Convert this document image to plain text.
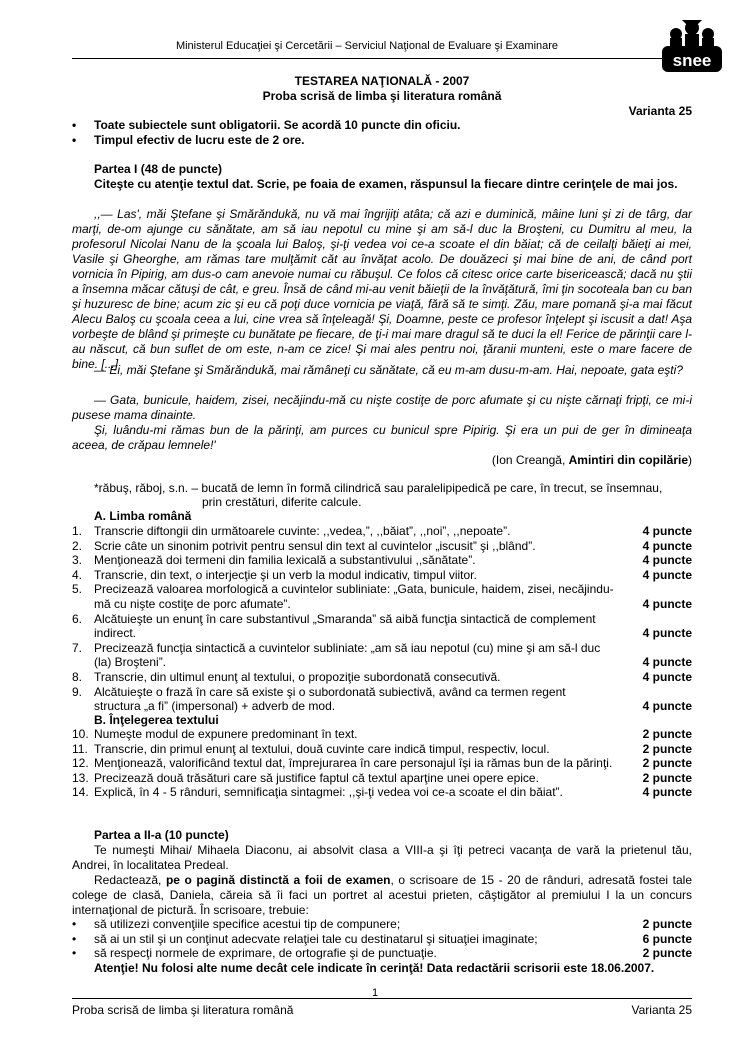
Ministerul Educaţiei şi Cercetării – Serviciul Naţional de Evaluare şi Examinare
snee
TESTAREA NAŢIONALĂ - 2007
Proba scrisă de limba şi literatura română
Varianta 25
• Toate subiectele sunt obligatorii. Se acordă 10 puncte din oficiu.
• Timpul efectiv de lucru este de 2 ore.
Partea I (48 de puncte)
Citeşte cu atenţie textul dat. Scrie, pe foaia de examen, răspunsul la fiecare dintre cerinţele de mai jos.
,,— Las', măi Ştefane şi Smărăndukă, nu vă mai îngrijiţi atâta; că azi e duminică, mâine luni şi zi de târg, dar marţi, de-om ajunge cu sănătate, am să iau nepotul cu mine şi am să-l duc la Broşteni, cu Dumitru al meu, la profesorul Nicolai Nanu de la şcoala lui Baloş, şi-ţi vedea voi ce-a scoate el din băiat; că de ceilalţi băieţi ai mei, Vasile şi Gheorghe, am rămas tare mulţămit căt au învăţat acolo. De douăzeci şi mai bine de ani, de când port vornicia în Pipirig, am dus-o cam anevoie numai cu răbuşul. Ce folos că citesc orice carte bisericească; dacă nu ştii a însemna măcar cătuşi de cât, e greu. Însă de când mi-au venit băieţii de la învăţătură, îmi ţin socoteala ban cu ban şi huzuresc de bine; acum zic şi eu că poţi duce vornicia pe viaţă, fără să te simţi. Zău, mare pomană şi-a mai făcut Alecu Baloş cu şcoala ceea a lui, cine vrea să înţeleagă! Şi, Doamne, peste ce profesor înţelept şi iscusit a dat! Aşa vorbeşte de blând şi primeşte cu bunătate pe fiecare, de ţi-i mai mare dragul să te duci la el! Ferice de părinţii care l-au născut, că bun suflet de om este, n-am ce zice! Şi mai ales pentru noi, ţăranii munteni, este o mare facere de bine. [...]
— Ei, măi Ştefane şi Smărăndukă, mai rămâneţi cu sănătate, că eu m-am dusu-m-am. Hai, nepoate, gata eşti?
— Gata, bunicule, haidem, zisei, necăjindu-mă cu nişte costiţe de porc afumate şi cu nişte cărnaţi fripţi, ce mi-i pusese mama dinainte.
Şi, luându-mi rămas bun de la părinţi, am purces cu bunicul spre Pipirig. Şi era un pui de ger în dimineaţa aceea, de crăpau lemnele!'
(Ion Creangă, Amintiri din copilărie)
*răbuş, răboj, s.n. – bucată de lemn în formă cilindrică sau paralelipipedică pe care, în trecut, se însemnau,
prin crestături, diferite calcule.
A. Limba română
1. Transcrie diftongii din următoarele cuvinte: ,,vedea,”, ,,băiat”, ,,noi”, ,,nepoate”.	4 puncte
2. Scrie câte un sinonim potrivit pentru sensul din text al cuvintelor „iscusit” şi ,,blând”.	4 puncte
3. Menţionează doi termeni din familia lexicală a substantivului ,,sănătate”.	4 puncte
4. Transcrie, din text, o interjecţie şi un verb la modul indicativ, timpul viitor.	4 puncte
5. Precizează valoarea morfologică a cuvintelor subliniate: „Gata, bunicule, haidem, zisei, necăjindu-mă cu nişte costiţe de porc afumate”.	4 puncte
6. Alcătuieşte un enunţ în care substantivul „Smaranda” să aibă funcţia sintactică de complement indirect.	4 puncte
7. Precizează funcţia sintactică a cuvintelor subliniate: „am să iau nepotul (cu) mine şi am să-l duc (la) Broşteni”.	4 puncte
8. Transcrie, din ultimul enunţ al textului, o propoziţie subordonată consecutivă.	4 puncte
9. Alcătuieşte o frază în care să existe şi o subordonată subiectivă, având ca termen regent structura „a fi” (impersonal) + adverb de mod.	4 puncte
B. Înţelegerea textului
10. Numeşte modul de expunere predominant în text.	2 puncte
11. Transcrie, din primul enunţ al textului, două cuvinte care indică timpul, respectiv, locul.	2 puncte
12. Menţionează, valorificând textul dat, împrejurarea în care personajul îşi ia rămas bun de la părinţi.	2 puncte
13. Precizează două trăsături care să justifice faptul că textul aparţine unei opere epice.	2 puncte
14. Explică, în 4 - 5 rânduri, semnificaţia sintagmei: ,,şi-ţi vedea voi ce-a scoate el din băiat”.	4 puncte
Partea a II-a (10 puncte)
Te numeşti Mihai/ Mihaela Diaconu, ai absolvit clasa a VIII-a şi îţi petreci vacanţa de vară la prietenul tău, Andrei, în localitatea Predeal.
Redactează, pe o pagină distinctă a foii de examen, o scrisoare de 15 - 20 de rânduri, adresată fostei tale colege de clasă, Daniela, căreia să îi faci un portret al acestui prieten, câştigător al premiului I la un concurs internaţional de pictură. În scrisoare, trebuie:
•	să utilizezi convenţiile specifice acestui tip de compunere;	2 puncte
•	să ai un stil şi un conţinut adecvate relaţiei tale cu destinatarul şi situaţiei imaginate;	6 puncte
•	să respecţi normele de exprimare, de ortografie şi de punctuaţie.	2 puncte
Atenţie! Nu folosi alte nume decât cele indicate în cerinţă! Data redactării scrisorii este 18.06.2007.
1
Proba scrisă de limba şi literatura română	Varianta 25
